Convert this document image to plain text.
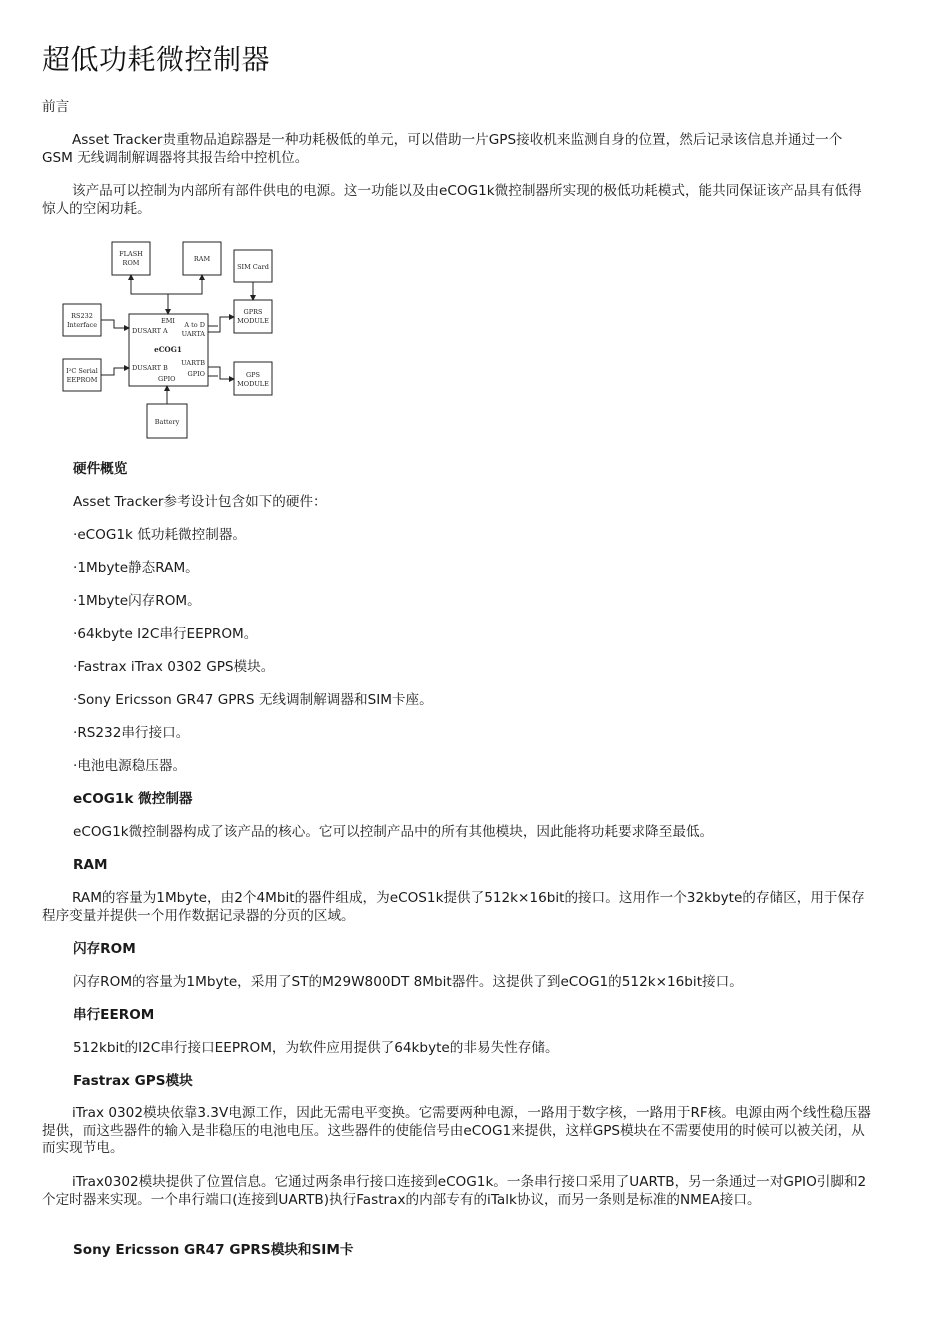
超低功耗微控制器

前言

Asset Tracker贵重物品追踪器是一种功耗极低的单元，可以借助一片GPS接收机来监测自身的位置，然后记录该信息并通过一个GSM 无线调制解调器将其报告给中控机位。

该产品可以控制为内部所有部件供电的电源。这一功能以及由eCOG1k微控制器所实现的极低功耗模式，能共同保证该产品具有低得惊人的空闲功耗。

FLASH
ROM	RAM
SIM Card
RS232
Interface
I²C Serial
EEPROM
GPRS
MODULE
GPS
MODULE
Battery
EMI
DUSART A
A to D
UARTA
eCOG1
UARTB
DUSART B
GPIO
GPIO

硬件概览

Asset Tracker参考设计包含如下的硬件：

·eCOG1k 低功耗微控制器。

·1Mbyte静态RAM。

·1Mbyte闪存ROM。

·64kbyte I2C串行EEPROM。

·Fastrax iTrax 0302 GPS模块。

·Sony Ericsson GR47 GPRS 无线调制解调器和SIM卡座。

·RS232串行接口。

·电池电源稳压器。

eCOG1k 微控制器

eCOG1k微控制器构成了该产品的核心。它可以控制产品中的所有其他模块，因此能将功耗要求降至最低。

RAM

RAM的容量为1Mbyte，由2个4Mbit的器件组成，为eCOS1k提供了512k×16bit的接口。这用作一个32kbyte的存储区，用于保存程序变量并提供一个用作数据记录器的分页的区域。

闪存ROM

闪存ROM的容量为1Mbyte，采用了ST的M29W800DT 8Mbit器件。这提供了到eCOG1的512k×16bit接口。

串行EEROM

512kbit的I2C串行接口EEPROM，为软件应用提供了64kbyte的非易失性存储。

Fastrax GPS模块

iTrax 0302模块依靠3.3V电源工作，因此无需电平变换。它需要两种电源，一路用于数字核，一路用于RF核。电源由两个线性稳压器提供，而这些器件的输入是非稳压的电池电压。这些器件的使能信号由eCOG1来提供，这样GPS模块在不需要使用的时候可以被关闭，从而实现节电。

iTrax0302模块提供了位置信息。它通过两条串行接口连接到eCOG1k。一条串行接口采用了UARTB，另一条通过一对GPIO引脚和2个定时器来实现。一个串行端口(连接到UARTB)执行Fastrax的内部专有的iTalk协议，而另一条则是标准的NMEA接口。

Sony Ericsson GR47 GPRS模块和SIM卡
